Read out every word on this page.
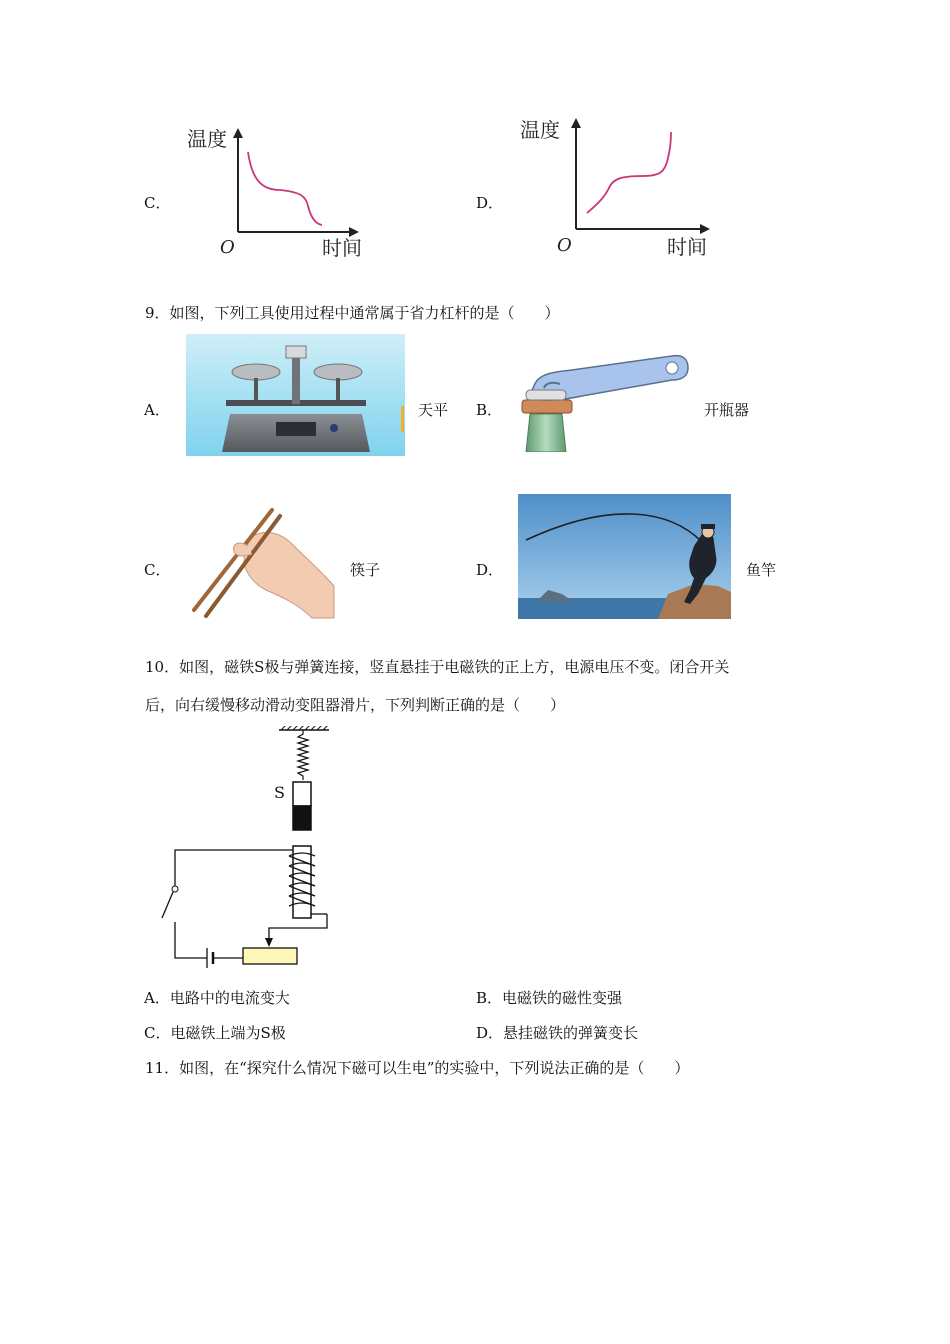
C．
温度
O	时间
D．
温度
O	时间
9．如图，下列工具使用过程中通常属于省力杠杆的是（　　）
A．	天平 B．	开瓶器
C．	筷子	D．	鱼竿
10．如图，磁铁S极与弹簧连接，竖直悬挂于电磁铁的正上方，电源电压不变。闭合开关
后，向右缓慢移动滑动变阻器滑片，下列判断正确的是（　　）
S
A．电路中的电流变大	B．电磁铁的磁性变强
C．电磁铁上端为S极	D．悬挂磁铁的弹簧变长
11．如图，在“探究什么情况下磁可以生电”的实验中，下列说法正确的是（　　）
